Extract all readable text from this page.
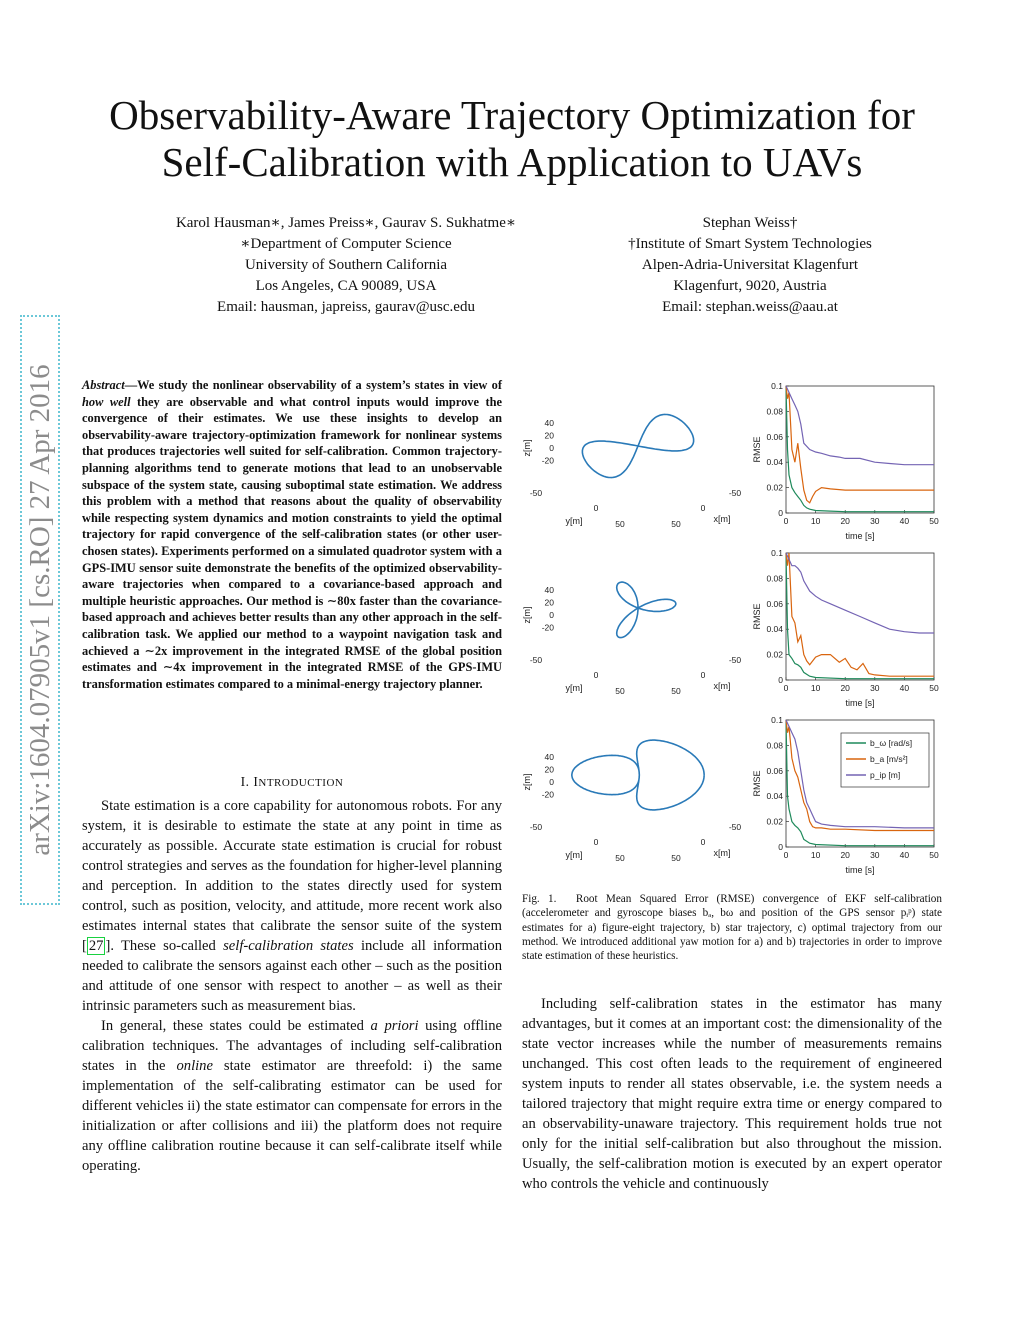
Observability-Aware Trajectory Optimization for
Self-Calibration with Application to UAVs
Karol Hausman∗, James Preiss∗, Gaurav S. Sukhatme∗
∗Department of Computer Science
University of Southern California
Los Angeles, CA 90089, USA
Email: hausman, japreiss, gaurav@usc.edu
Stephan Weiss†
†Institute of Smart System Technologies
Alpen-Adria-Universitat Klagenfurt
Klagenfurt, 9020, Austria
Email: stephan.weiss@aau.at
arXiv:1604.07905v1 [cs.RO] 27 Apr 2016	Abstract—We study the nonlinear observability of a system’s states in view of how well they are observable and what control inputs would improve the convergence of their estimates. We use these insights to develop an observability-aware trajectory-optimization framework for nonlinear systems that produces trajectories well suited for self-calibration. Common trajectory-planning algorithms tend to generate motions that lead to an unobservable subspace of the system state, causing suboptimal state estimation. We address this problem with a method that reasons about the quality of observability while respecting system dynamics and motion constraints to yield the optimal trajectory for rapid convergence of the self-calibration states (or other user-chosen states). Experiments performed on a simulated quadrotor system with a GPS-IMU sensor suite demonstrate the benefits of the optimized observability-aware trajectories when compared to a covariance-based approach and multiple heuristic approaches. Our method is ∼80x faster than the covariance-based approach and achieves better results than any other approach in the self-calibration task. We applied our method to a waypoint navigation task and achieved a ∼2x improvement in the integrated RMSE of the global position estimates and ∼4x improvement in the integrated RMSE of the GPS-IMU transformation estimates compared to a minimal-energy trajectory planner.
I. INTRODUCTION

State estimation is a core capability for autonomous robots. For any system, it is desirable to estimate the state at any point in time as accurately as possible. Accurate state estimation is crucial for robust control strategies and serves as the foundation for higher-level planning and perception. In addition to the states directly used for system control, such as position, velocity, and attitude, more recent work also estimates internal states that calibrate the sensor suite of the system [ 27 ]. These so-called self-calibration states include all information needed to calibrate the sensors against each other – such as the position and attitude of one sensor with respect to another – as well as their intrinsic parameters such as measurement bias.

In general, these states could be estimated a priori using offline calibration techniques. The advantages of including self-calibration states in the online state estimator are threefold: i) the same implementation of the self-calibrating estimator can be used for different vehicles ii) the state estimator can compensate for errors in the initialization or after collisions and iii) the platform does not require any offline calibration routine because it can self-calibrate itself while operating.

Including self-calibration states in the estimator has many advantages, but it comes at an important cost: the dimensionality of the state vector increases while the number of measurements remains unchanged. This cost often leads to the requirement of engineered system inputs to render all states observable, i.e. the system needs a tailored trajectory that might require extra time or energy compared to an observability-unaware trajectory. This requirement holds true not only for the initial self-calibration but also throughout the mission. Usually, the self-calibration motion is executed by an expert operator who controls the vehicle and continuously

Fig. 1.  Root Mean Squared Error (RMSE) convergence of EKF self-calibration (accelerometer and gyroscope biases bₐ, bω and position of the GPS sensor pᵢᵖ) state estimates for a) figure-eight trajectory, b) star trajectory, c) optimal trajectory from our method. We introduced additional yaw motion for a) and b) trajectories in order to improve state estimation of these heuristics.
z[m]
40
20
0
-20
y[m]
-50
0
50	x[m]
-50
0
50
z[m]
40
20
0
-20
y[m]
-50
0
50	x[m]
-50
0
50
z[m]
40
20
0
-20
y[m]
-50
0
50	x[m]
-50
0
50
0
0.02
0.04
0.06
0.08
0.1
0	10 20 30 40 50
time [s]
RMSE
0
0.02
0.04
0.06
0.08
0.1
0	10 20 30 40 50
time [s]
RMSE
0
0.02
0.04
0.06
0.08
0.1
0	10 20 30 40 50
time [s]
RMSE
b_ω [rad/s]
b_a [m/s²]
p_ip [m]
